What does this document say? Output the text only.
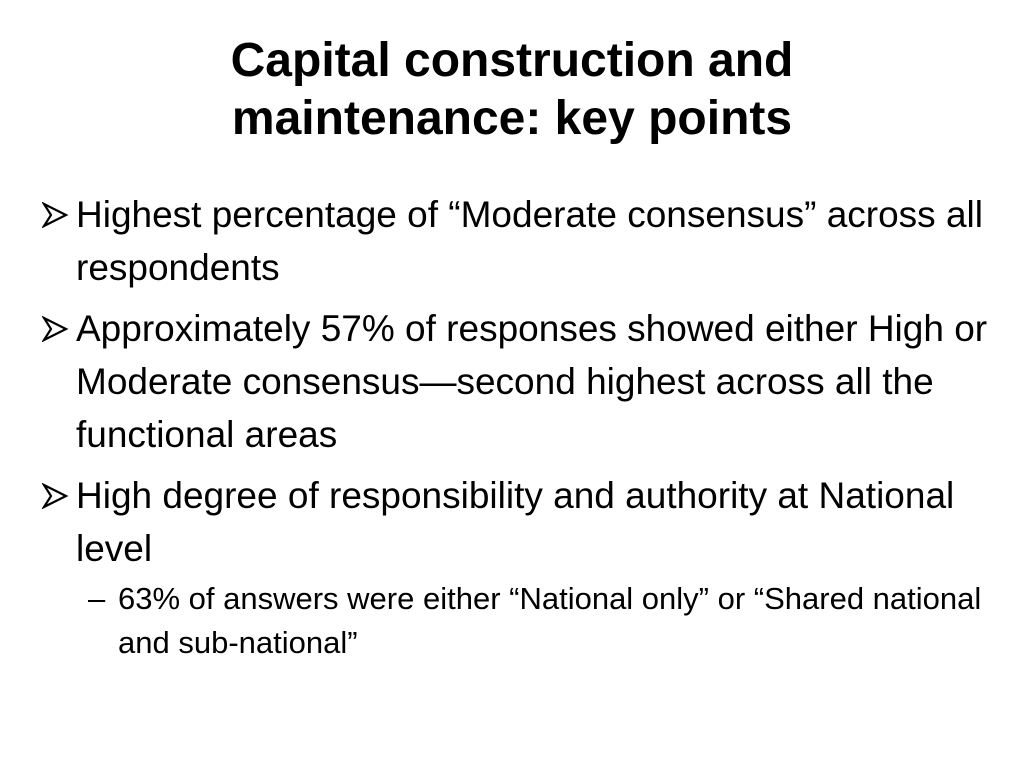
Capital construction and
maintenance: key points
Highest percentage of “Moderate consensus” across all respondents
Approximately 57% of responses showed either High or Moderate consensus—second highest across all the functional areas
High degree of responsibility and authority at National level
– 63% of answers were either “National only” or “Shared national and sub-national”
